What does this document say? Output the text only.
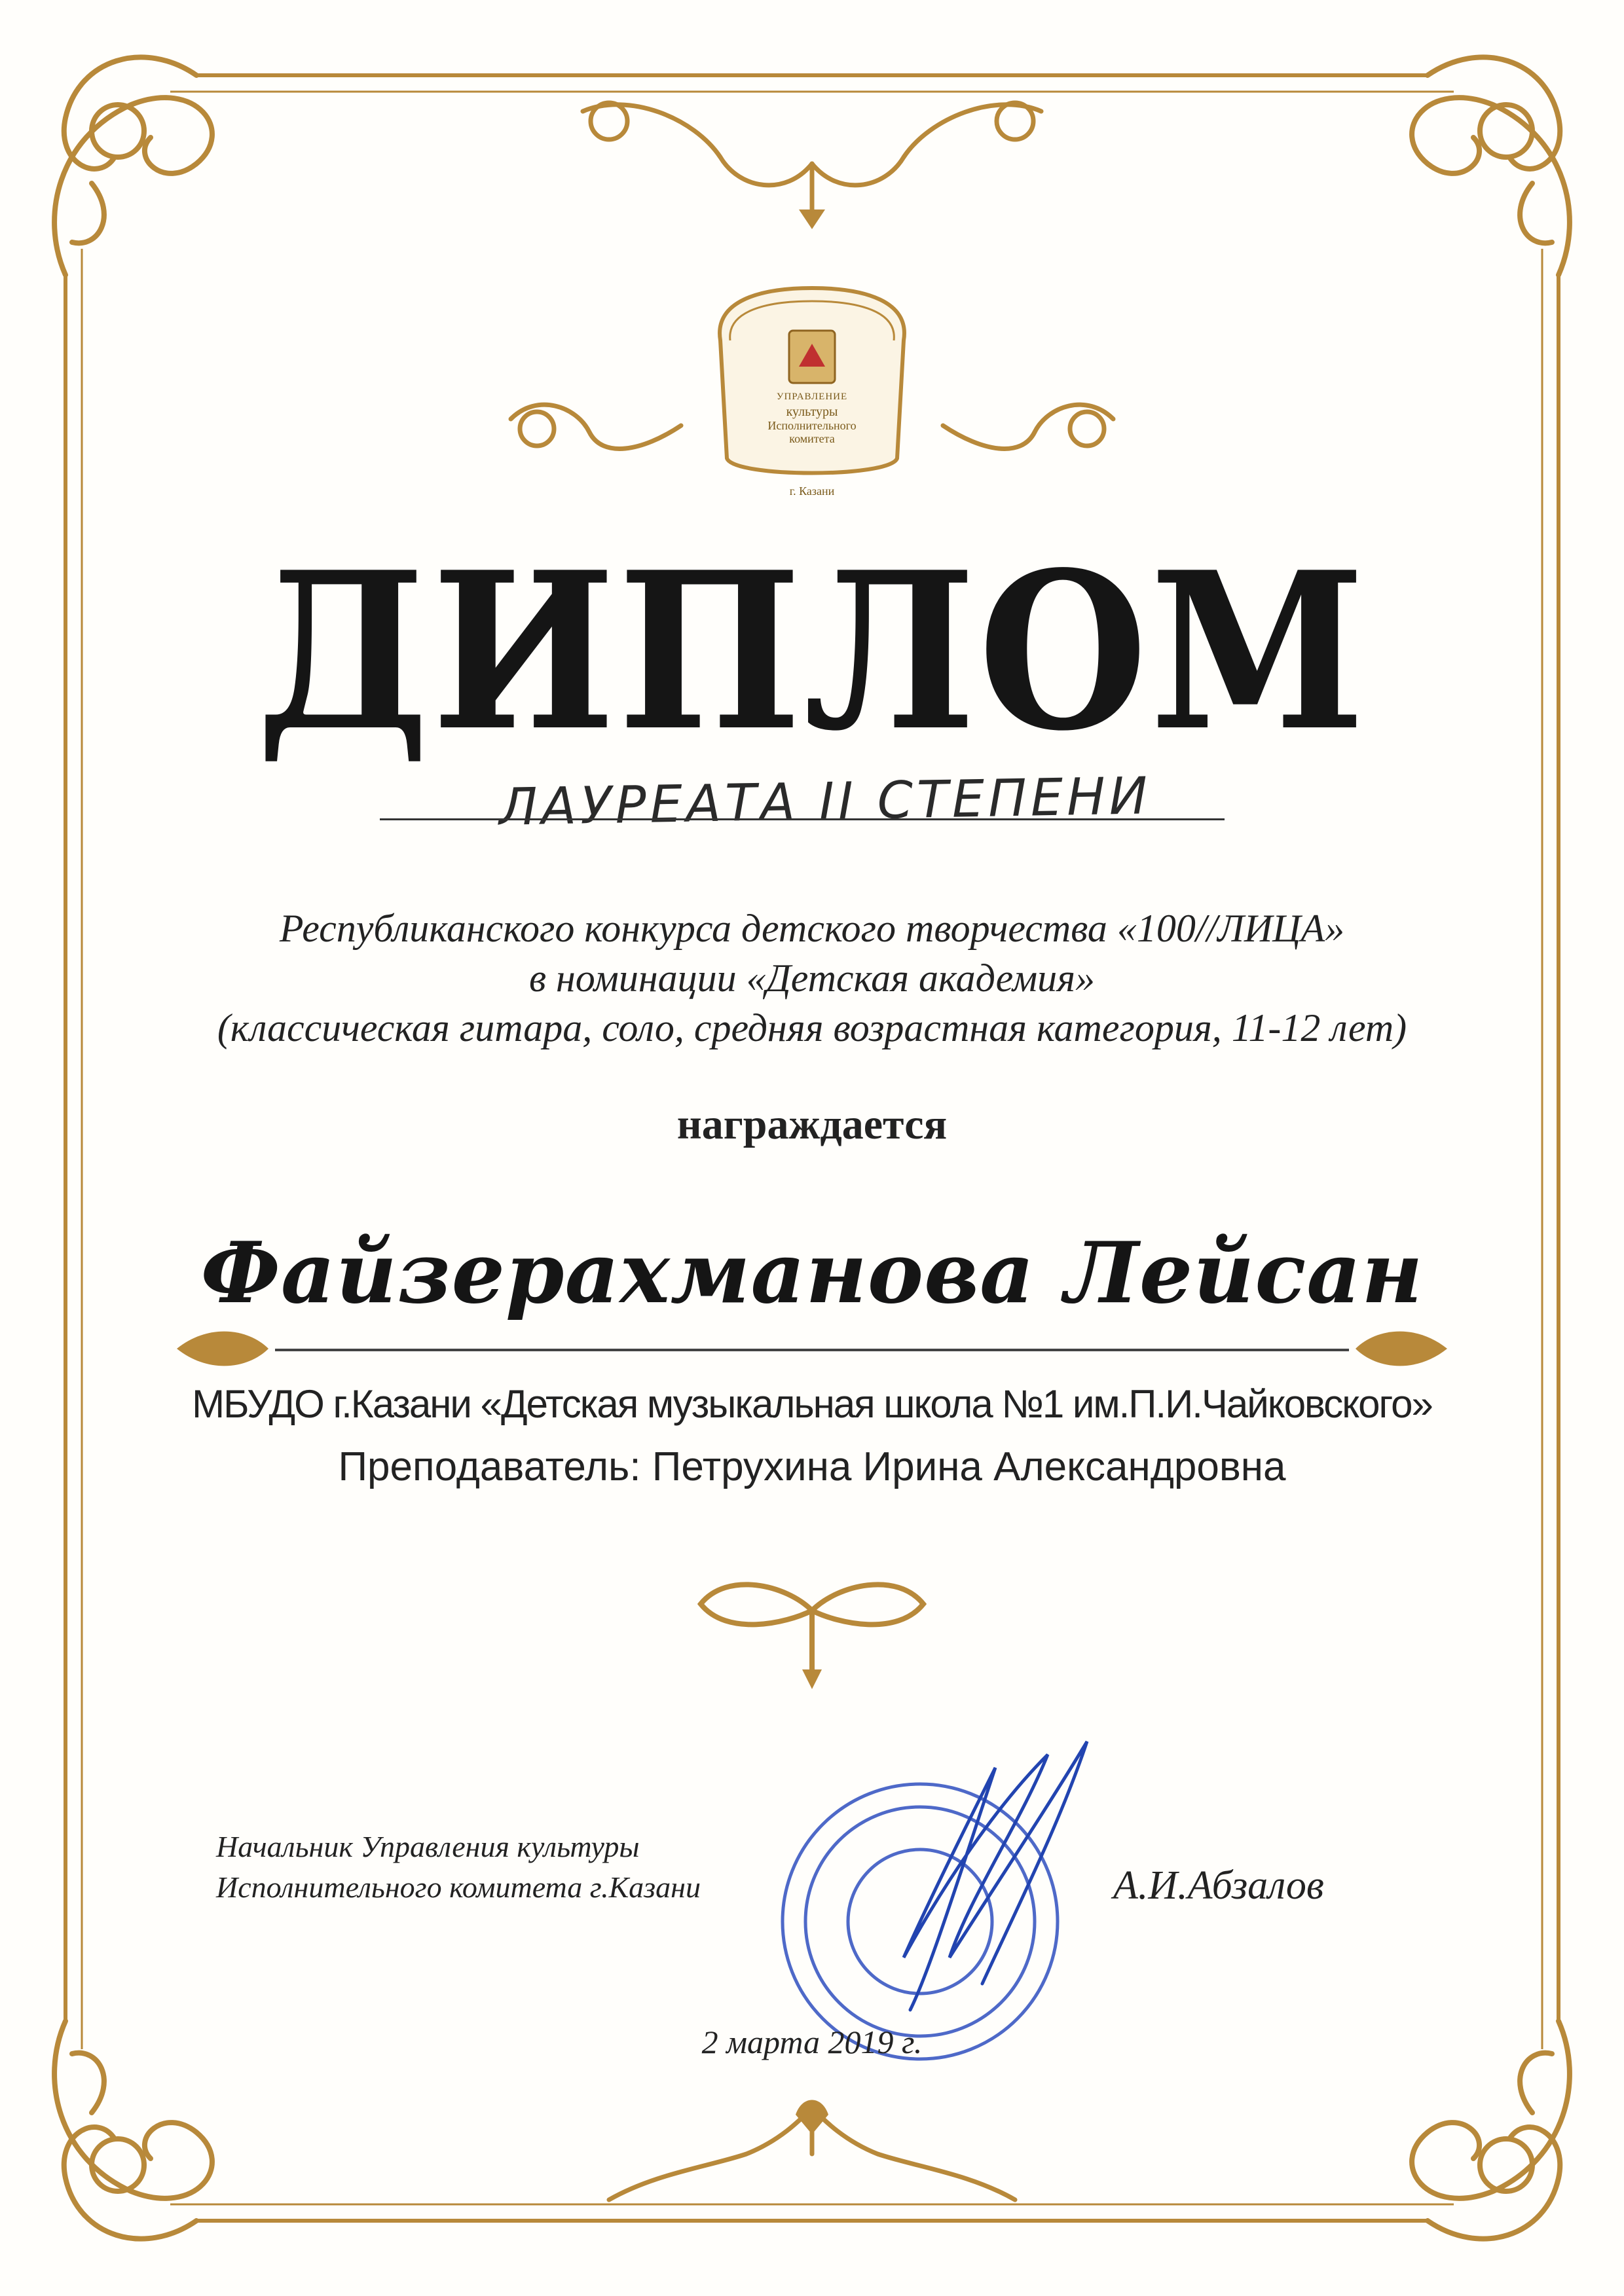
УПРАВЛЕНИЕ
культуры
Исполнительного
комитета
г. Казани
ДИПЛОМ
ЛАУРЕАТА II СТЕПЕНИ
Республиканского конкурса детского творчества «100//ЛИЦА»
в номинации «Детская академия»
(классическая гитара, соло, средняя возрастная категория, 11-12 лет)
награждается
Файзерахманова Лейсан
МБУДО г.Казани «Детская музыкальная школа №1 им.П.И.Чайковского»
Преподаватель: Петрухина Ирина Александровна
Начальник Управления культуры
Исполнительного комитета г.Казани	А.И.Абзалов
2 марта 2019 г.
